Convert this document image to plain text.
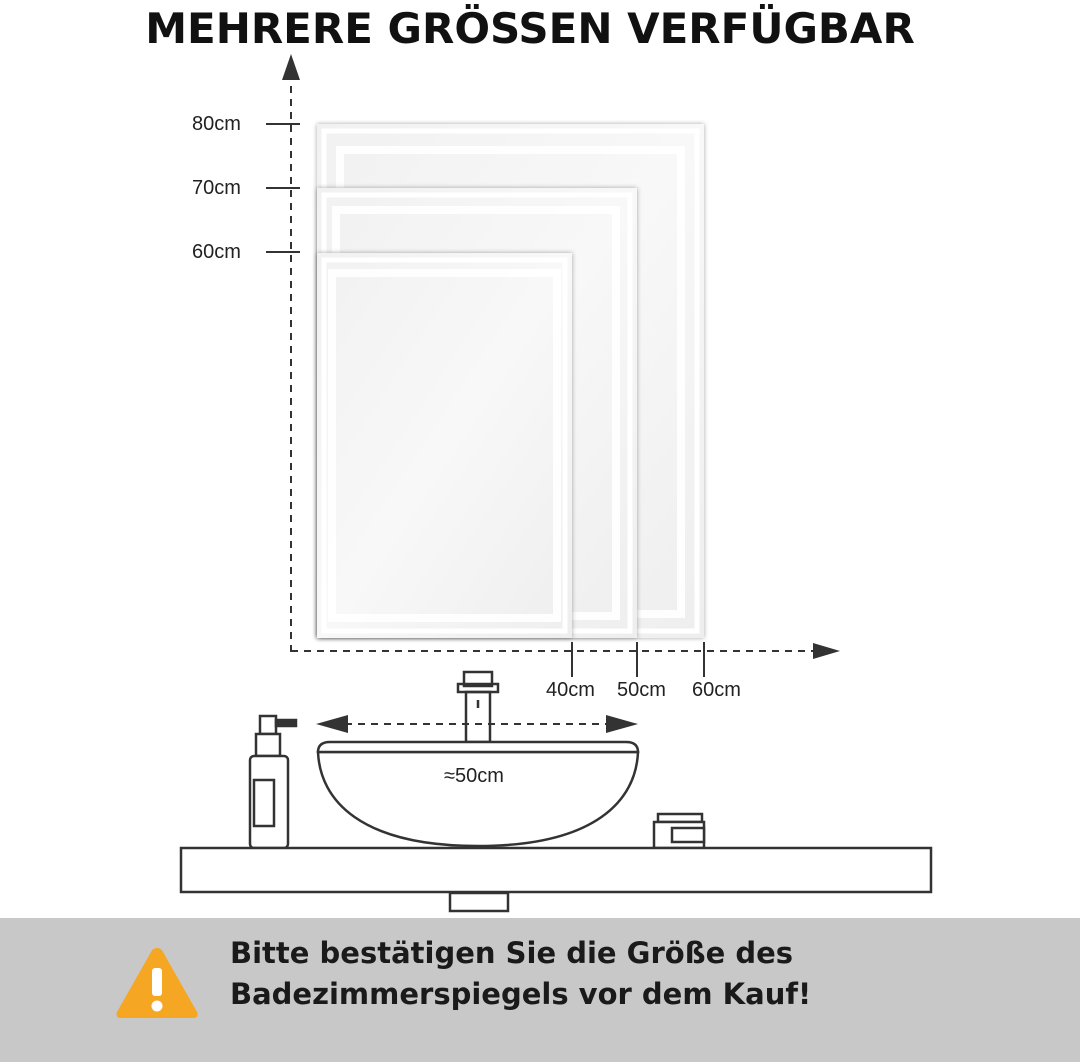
MEHRERE GRÖSSEN VERFÜGBAR
80cm
70cm
60cm
40cm 50cm 60cm
≈50cm
Bitte bestätigen Sie die Größe des
Badezimmerspiegels vor dem Kauf!
